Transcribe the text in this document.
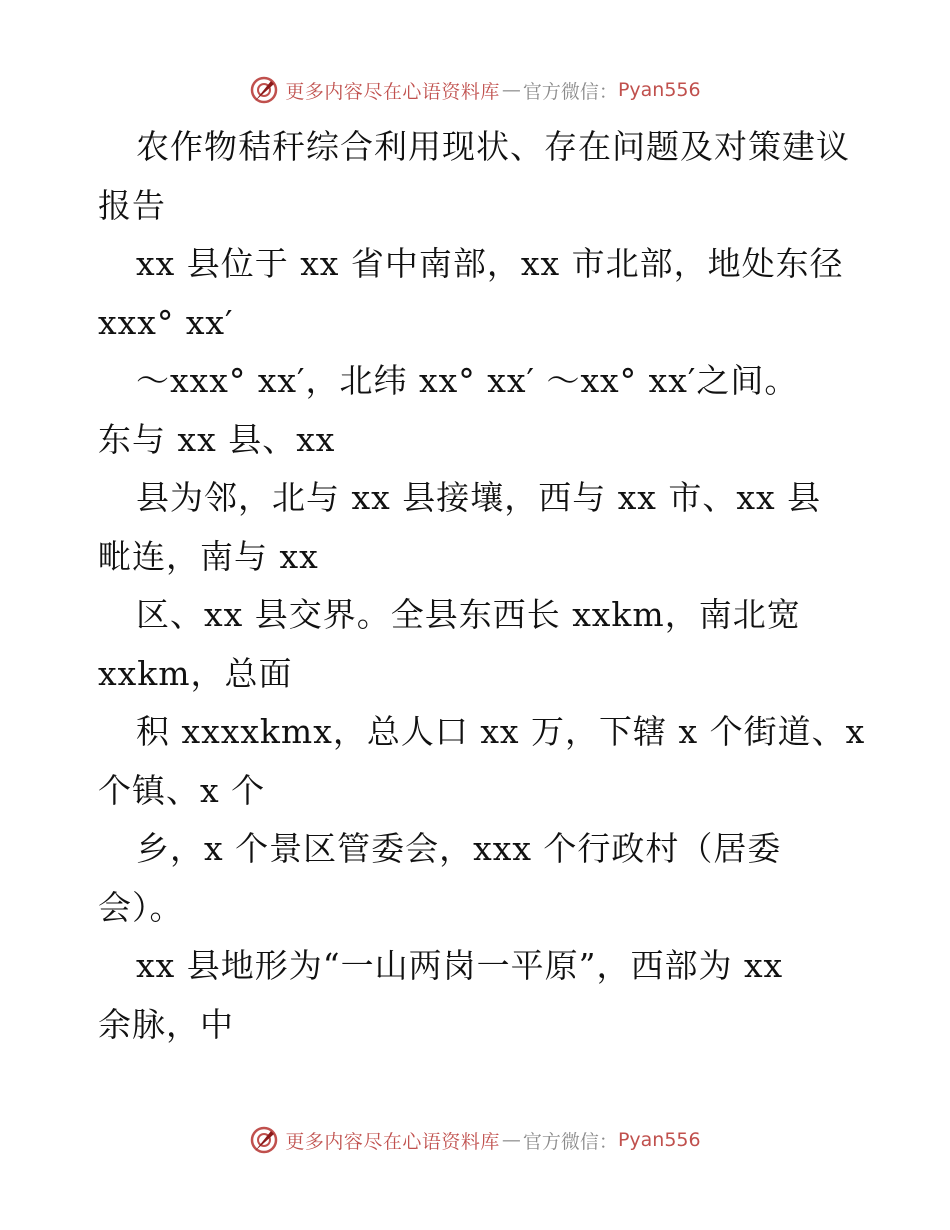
更多内容尽在心语资料库 — 官方微信： Pyan556
农作物秸秆综合利用现状、存在问题及对策建议
报告
xx 县位于 xx 省中南部，xx 市北部，地处东径
xxx° xx′
～xxx° xx′，北纬 xx° xx′ ～xx° xx′之间。
东与 xx 县、xx
县为邻，北与 xx 县接壤，西与 xx 市、xx 县
毗连，南与 xx
区、xx 县交界。全县东西长 xxkm，南北宽
xxkm，总面
积 xxxxkmx，总人口 xx 万，下辖 x 个街道、x
个镇、x 个
乡，x 个景区管委会，xxx 个行政村（居委
会）。
xx 县地形为“一山两岗一平原”，西部为 xx
余脉，中
更多内容尽在心语资料库 — 官方微信： Pyan556
